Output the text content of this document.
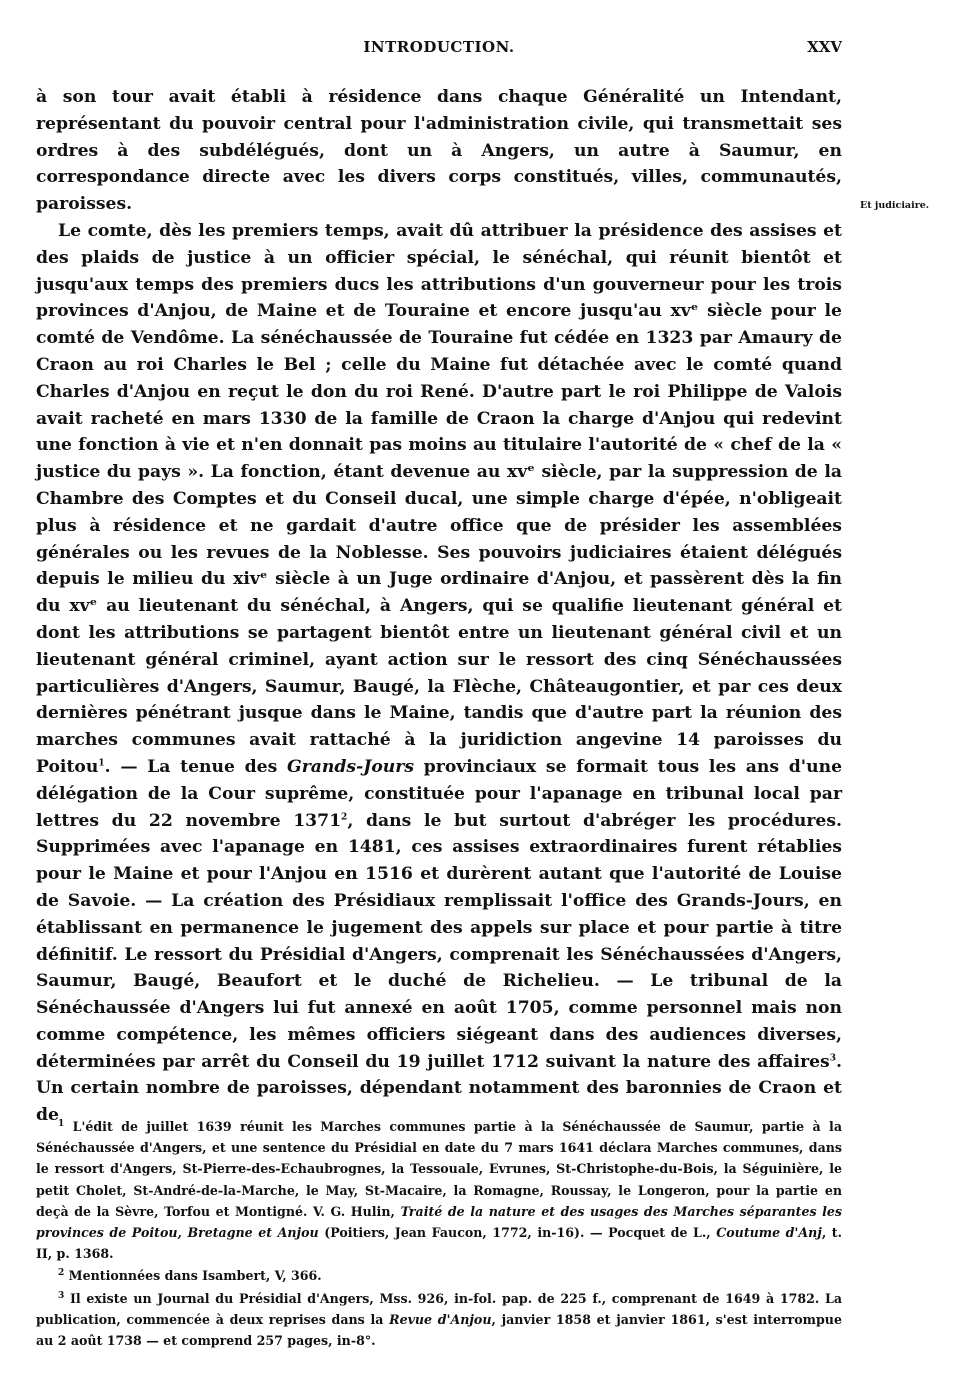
INTRODUCTION.	XXV
Et judiciaire.

à son tour avait établi à résidence dans chaque Généralité un Intendant, représentant du pouvoir central pour l'administration civile, qui transmettait ses ordres à des subdélégués, dont un à Angers, un autre à Saumur, en correspondance directe avec les divers corps constitués, villes, communautés, paroisses.

Le comte, dès les premiers temps, avait dû attribuer la présidence des assises et des plaids de justice à un officier spécial, le sénéchal, qui réunit bientôt et jusqu'aux temps des premiers ducs les attributions d'un gouverneur pour les trois provinces d'Anjou, de Maine et de Touraine et encore jusqu'au xvᵉ siècle pour le comté de Vendôme. La sénéchaussée de Touraine fut cédée en 1323 par Amaury de Craon au roi Charles le Bel ; celle du Maine fut détachée avec le comté quand Charles d'Anjou en reçut le don du roi René. D'autre part le roi Philippe de Valois avait racheté en mars 1330 de la famille de Craon la charge d'Anjou qui redevint une fonction à vie et n'en donnait pas moins au titulaire l'autorité de « chef de la « justice du pays ». La fonction, étant devenue au xvᵉ siècle, par la suppression de la Chambre des Comptes et du Conseil ducal, une simple charge d'épée, n'obligeait plus à résidence et ne gardait d'autre office que de présider les assemblées générales ou les revues de la Noblesse. Ses pouvoirs judiciaires étaient délégués depuis le milieu du xivᵉ siècle à un Juge ordinaire d'Anjou, et passèrent dès la fin du xvᵉ au lieutenant du sénéchal, à Angers, qui se qualifie lieutenant général et dont les attributions se partagent bientôt entre un lieutenant général civil et un lieutenant général criminel, ayant action sur le ressort des cinq Sénéchaussées particulières d'Angers, Saumur, Baugé, la Flèche, Châteaugontier, et par ces deux dernières pénétrant jusque dans le Maine, tandis que d'autre part la réunion des marches communes avait rattaché à la juridiction angevine 14 paroisses du Poitou$^1$. — La tenue des Grands-Jours provinciaux se formait tous les ans d'une délégation de la Cour suprême, constituée pour l'apanage en tribunal local par lettres du 22 novembre 1371$^2$, dans le but surtout d'abréger les procédures. Supprimées avec l'apanage en 1481, ces assises extraordinaires furent rétablies pour le Maine et pour l'Anjou en 1516 et durèrent autant que l'autorité de Louise de Savoie. — La création des Présidiaux remplissait l'office des Grands-Jours, en établissant en permanence le jugement des appels sur place et pour partie à titre définitif. Le ressort du Présidial d'Angers, comprenait les Sénéchaussées d'Angers, Saumur, Baugé, Beaufort et le duché de Richelieu. — Le tribunal de la Sénéchaussée d'Angers lui fut annexé en août 1705, comme personnel mais non comme compétence, les mêmes officiers siégeant dans des audiences diverses, déterminées par arrêt du Conseil du 19 juillet 1712 suivant la nature des affaires$^3$. Un certain nombre de paroisses, dépendant notamment des baronnies de Craon et de $^1$ L'édit de juillet 1639 réunit les Marches communes partie à la Sénéchaussée de Saumur, partie à la Sénéchaussée d'Angers, et une sentence du Présidial en date du 7 mars 1641 déclara Marches communes, dans le ressort d'Angers, St-Pierre-des-Echaubrognes, la Tessouale, Evrunes, St-Christophe-du-Bois, la Séguinière, le petit Cholet, St-André-de-la-Marche, le May, St-Macaire, la Romagne, Roussay, le Longeron, pour la partie en deçà de la Sèvre, Torfou et Montigné. V. G. Hulin, Traité de la nature et des usages des Marches séparantes les provinces de Poitou, Bretagne et Anjou (Poitiers, Jean Faucon, 1772, in-16). — Pocquet de L., Coutume d'Anj, t. II, p. 1368.

$^2$ Mentionnées dans Isambert, V, 366.

$^3$ Il existe un Journal du Présidial d'Angers, Mss. 926, in-fol. pap. de 225 f., comprenant de 1649 à 1782. La publication, commencée à deux reprises dans la Revue d'Anjou, janvier 1858 et janvier 1861, s'est interrompue au 2 août 1738 — et comprend 257 pages, in-8°.
